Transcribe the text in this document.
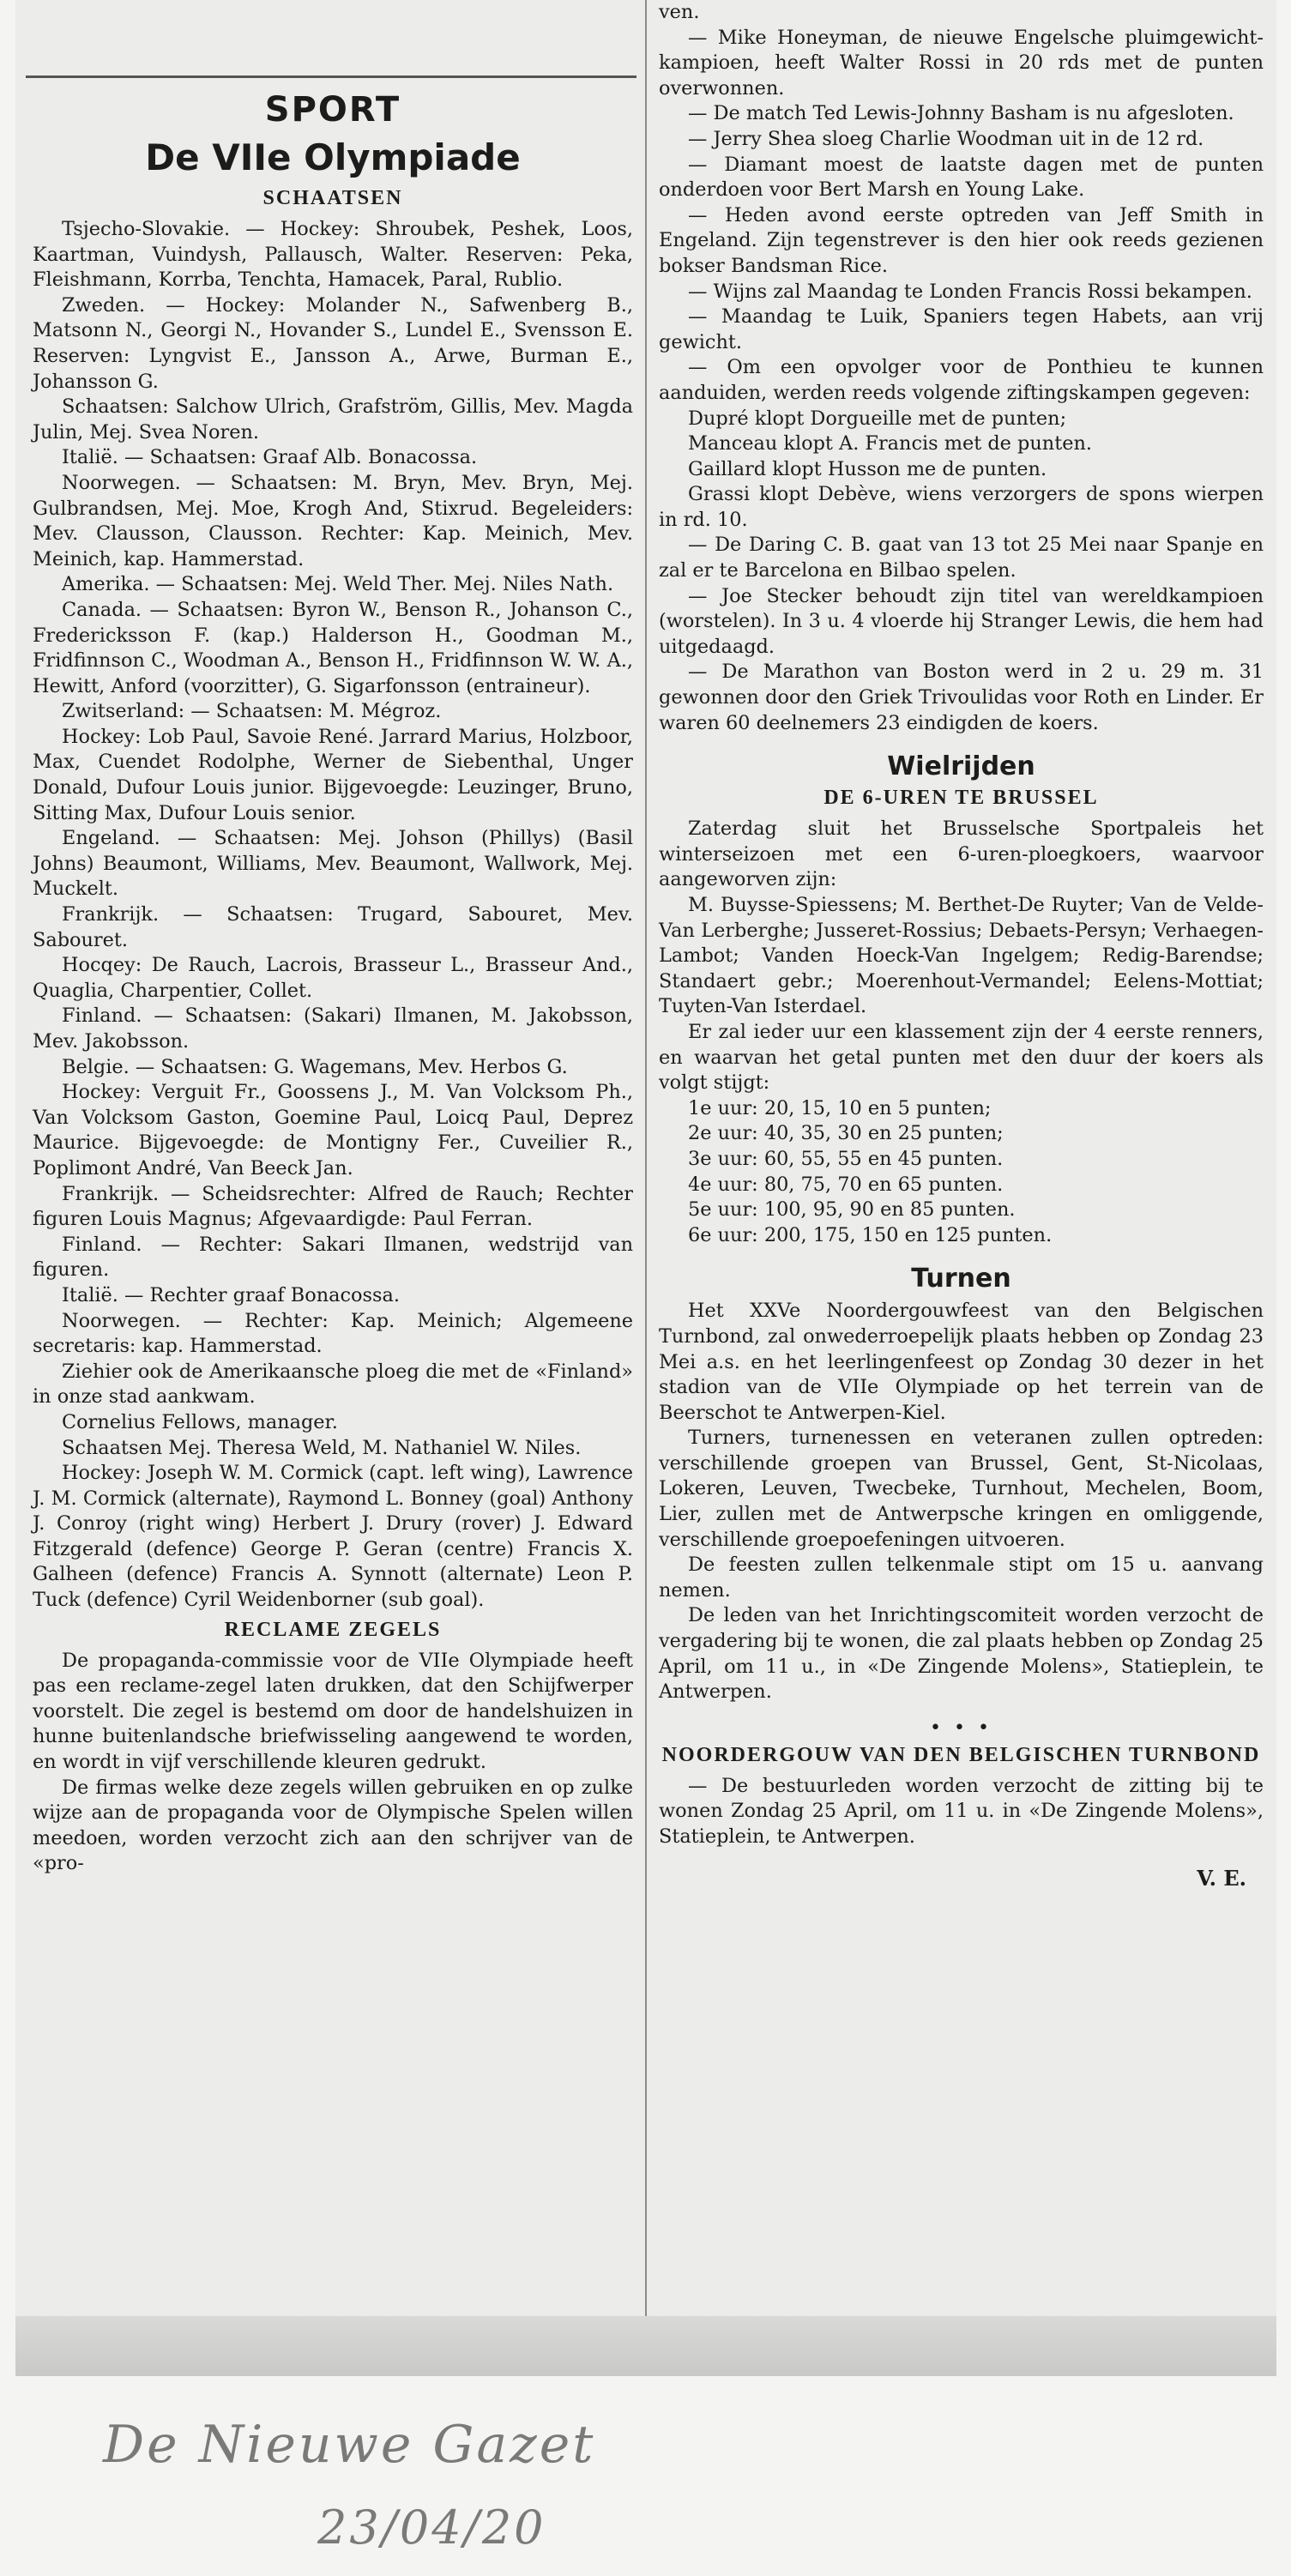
SPORT
De VIIe Olympiade
SCHAATSEN

Tsjecho-Slovakie. — Hockey: Shroubek, Peshek, Loos, Kaartman, Vuindysh, Pallausch, Walter. Reserven: Peka, Fleishmann, Korrba, Tenchta, Hamacek, Paral, Rublio.

Zweden. — Hockey: Molander N., Safwenberg B., Matsonn N., Georgi N., Hovander S., Lundel E., Svensson E. Reserven: Lyngvist E., Jansson A., Arwe, Burman E., Johansson G.

Schaatsen: Salchow Ulrich, Grafström, Gillis, Mev. Magda Julin, Mej. Svea Noren.

Italië. — Schaatsen: Graaf Alb. Bonacossa.

Noorwegen. — Schaatsen: M. Bryn, Mev. Bryn, Mej. Gulbrandsen, Mej. Moe, Krogh And, Stixrud. Begeleiders: Mev. Clausson, Clausson. Rechter: Kap. Meinich, Mev. Meinich, kap. Hammerstad.

Amerika. — Schaatsen: Mej. Weld Ther. Mej. Niles Nath.

Canada. — Schaatsen: Byron W., Benson R., Johanson C., Fredericksson F. (kap.) Halderson H., Goodman M., Fridfinnson C., Woodman A., Benson H., Fridfinnson W. W. A., Hewitt, Anford (voorzitter), G. Sigarfonsson (entraineur).

Zwitserland: — Schaatsen: M. Mégroz.

Hockey: Lob Paul, Savoie René. Jarrard Marius, Holzboor, Max, Cuendet Rodolphe, Werner de Siebenthal, Unger Donald, Dufour Louis junior. Bijgevoegde: Leuzinger, Bruno, Sitting Max, Dufour Louis senior.

Engeland. — Schaatsen: Mej. Johson (Phillys) (Basil Johns) Beaumont, Williams, Mev. Beaumont, Wallwork, Mej. Muckelt.

Frankrijk. — Schaatsen: Trugard, Sabouret, Mev. Sabouret.

Hocqey: De Rauch, Lacrois, Brasseur L., Brasseur And., Quaglia, Charpentier, Collet.

Finland. — Schaatsen: (Sakari) Ilmanen, M. Jakobsson, Mev. Jakobsson.

Belgie. — Schaatsen: G. Wagemans, Mev. Herbos G.

Hockey: Verguit Fr., Goossens J., M. Van Volcksom Ph., Van Volcksom Gaston, Goemine Paul, Loicq Paul, Deprez Maurice. Bijgevoegde: de Montigny Fer., Cuveilier R., Poplimont André, Van Beeck Jan.

Frankrijk. — Scheidsrechter: Alfred de Rauch; Rechter figuren Louis Magnus; Afgevaardigde: Paul Ferran.

Finland. — Rechter: Sakari Ilmanen, wedstrijd van figuren.

Italië. — Rechter graaf Bonacossa.

Noorwegen. — Rechter: Kap. Meinich; Algemeene secretaris: kap. Hammerstad.

Ziehier ook de Amerikaansche ploeg die met de «Finland» in onze stad aankwam.

Cornelius Fellows, manager.

Schaatsen Mej. Theresa Weld, M. Nathaniel W. Niles.

Hockey: Joseph W. M. Cormick (capt. left wing), Lawrence J. M. Cormick (alternate), Raymond L. Bonney (goal) Anthony J. Conroy (right wing) Herbert J. Drury (rover) J. Edward Fitzgerald (defence) George P. Geran (centre) Francis X. Galheen (defence) Francis A. Synnott (alternate) Leon P. Tuck (defence) Cyril Weidenborner (sub goal).

RECLAME ZEGELS

De propaganda-commissie voor de VIIe Olympiade heeft pas een reclame-zegel laten drukken, dat den Schijfwerper voorstelt. Die zegel is bestemd om door de handelshuizen in hunne buitenlandsche briefwisseling aangewend te worden, en wordt in vijf verschillende kleuren gedrukt.

De firmas welke deze zegels willen gebruiken en op zulke wijze aan de propaganda voor de Olympische Spelen willen meedoen, worden verzocht zich aan den schrijver van de «pro-

ven.

— Mike Honeyman, de nieuwe Engelsche pluimgewicht-kampioen, heeft Walter Rossi in 20 rds met de punten overwonnen.

— De match Ted Lewis-Johnny Basham is nu afgesloten.

— Jerry Shea sloeg Charlie Woodman uit in de 12 rd.

— Diamant moest de laatste dagen met de punten onderdoen voor Bert Marsh en Young Lake.

— Heden avond eerste optreden van Jeff Smith in Engeland. Zijn tegenstrever is den hier ook reeds gezienen bokser Bandsman Rice.

— Wijns zal Maandag te Londen Francis Rossi bekampen.

— Maandag te Luik, Spaniers tegen Habets, aan vrij gewicht.

— Om een opvolger voor de Ponthieu te kunnen aanduiden, werden reeds volgende ziftingskampen gegeven:

Dupré klopt Dorgueille met de punten;

Manceau klopt A. Francis met de punten.

Gaillard klopt Husson me de punten.

Grassi klopt Debève, wiens verzorgers de spons wierpen in rd. 10.

— De Daring C. B. gaat van 13 tot 25 Mei naar Spanje en zal er te Barcelona en Bilbao spelen.

— Joe Stecker behoudt zijn titel van wereldkampioen (worstelen). In 3 u. 4 vloerde hij Stranger Lewis, die hem had uitgedaagd.

— De Marathon van Boston werd in 2 u. 29 m. 31 gewonnen door den Griek Trivoulidas voor Roth en Linder. Er waren 60 deelnemers 23 eindigden de koers.

Wielrijden
DE 6-UREN TE BRUSSEL

Zaterdag sluit het Brusselsche Sportpaleis het winterseizoen met een 6-uren-ploegkoers, waarvoor aangeworven zijn:

M. Buysse-Spiessens; M. Berthet-De Ruyter; Van de Velde-Van Lerberghe; Jusseret-Rossius; Debaets-Persyn; Verhaegen-Lambot; Vanden Hoeck-Van Ingelgem; Redig-Barendse; Standaert gebr.; Moerenhout-Vermandel; Eelens-Mottiat; Tuyten-Van Isterdael.

Er zal ieder uur een klassement zijn der 4 eerste renners, en waarvan het getal punten met den duur der koers als volgt stijgt:

1e uur: 20, 15, 10 en 5 punten;

2e uur: 40, 35, 30 en 25 punten;

3e uur: 60, 55, 55 en 45 punten.

4e uur: 80, 75, 70 en 65 punten.

5e uur: 100, 95, 90 en 85 punten.

6e uur: 200, 175, 150 en 125 punten.

Turnen

Het XXVe Noordergouwfeest van den Belgischen Turnbond, zal onwederroepelijk plaats hebben op Zondag 23 Mei a.s. en het leerlingenfeest op Zondag 30 dezer in het stadion van de VIIe Olympiade op het terrein van de Beerschot te Antwerpen-Kiel.

Turners, turnenessen en veteranen zullen optreden: verschillende groepen van Brussel, Gent, St-Nicolaas, Lokeren, Leuven, Twecbeke, Turnhout, Mechelen, Boom, Lier, zullen met de Antwerpsche kringen en omliggende, verschillende groepoefeningen uitvoeren.

De feesten zullen telkenmale stipt om 15 u. aanvang nemen.

De leden van het Inrichtingscomiteit worden verzocht de vergadering bij te wonen, die zal plaats hebben op Zondag 25 April, om 11 u., in «De Zingende Molens», Statieplein, te Antwerpen.

• • •
NOORDERGOUW VAN DEN BELGISCHEN TURNBOND

— De bestuurleden worden verzocht de zitting bij te wonen Zondag 25 April, om 11 u. in «De Zingende Molens», Statieplein, te Antwerpen.

V. E.
De Nieuwe Gazet
23/04/20
